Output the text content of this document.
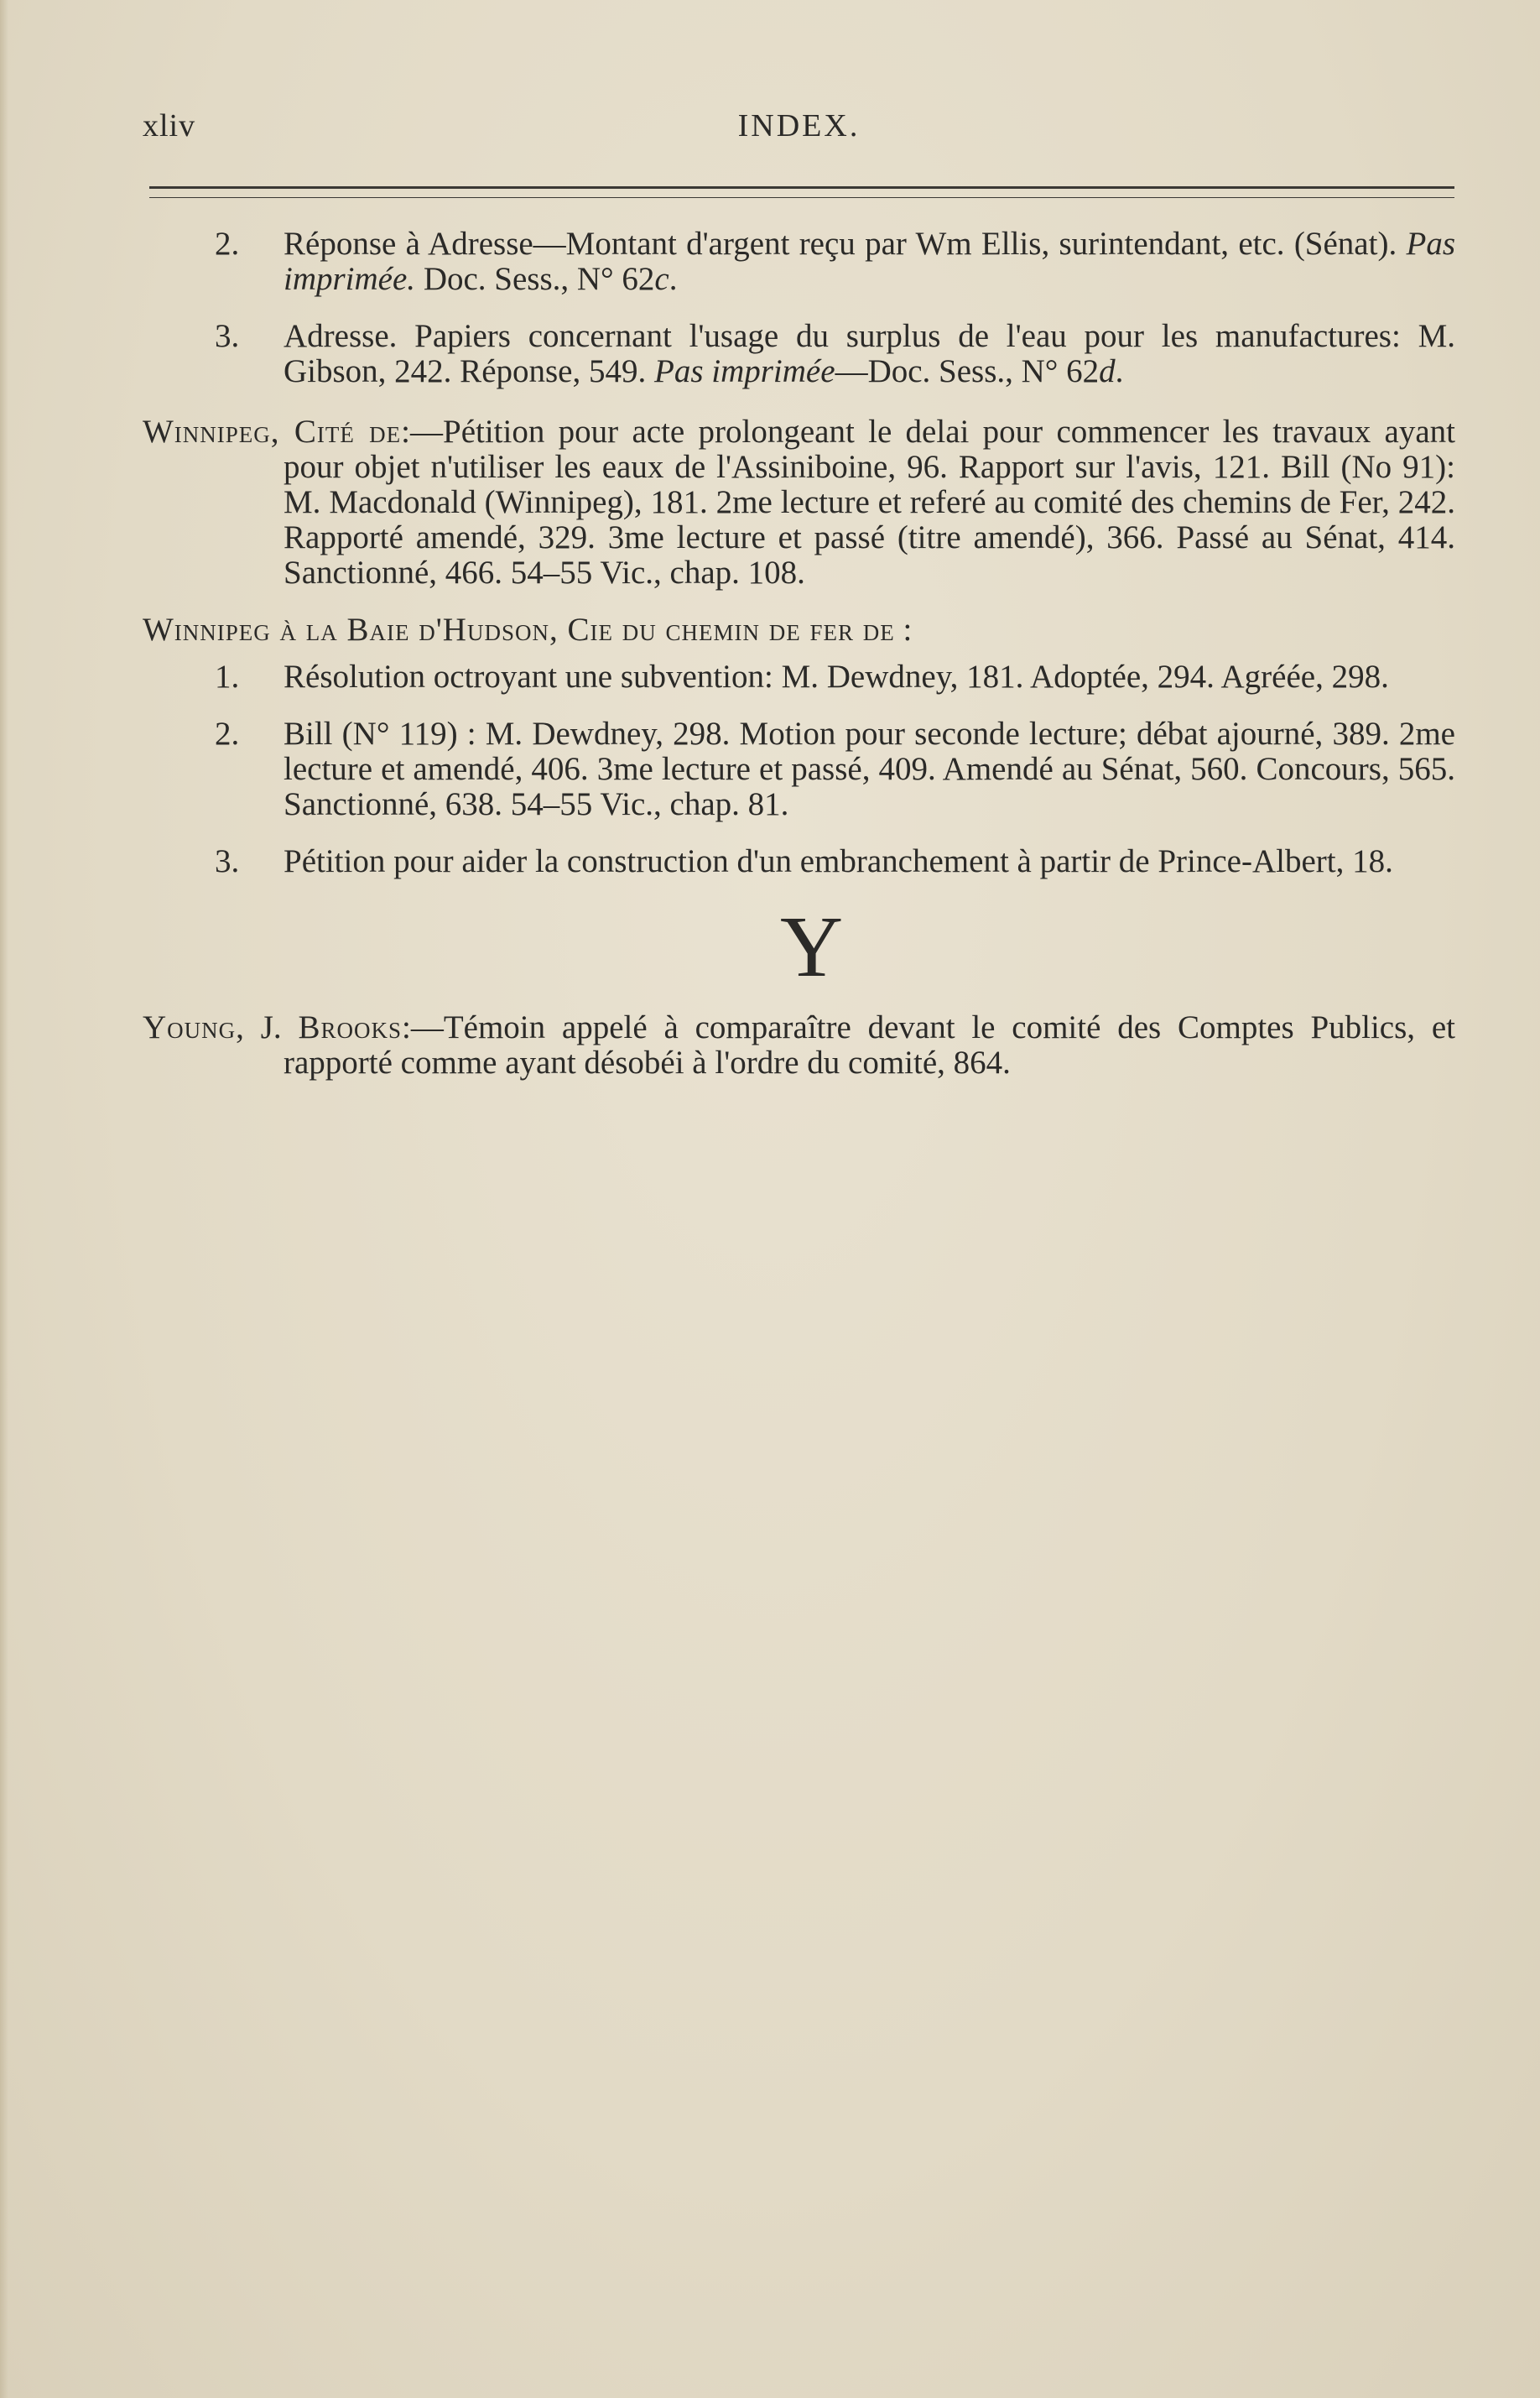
xliv	INDEX.
2. Réponse à Adresse—Montant d'argent reçu par Wm Ellis, surintendant, etc. (Sénat). Pas imprimée. Doc. Sess., N° 62c.
3. Adresse. Papiers concernant l'usage du surplus de l'eau pour les manufactures: M. Gibson, 242. Réponse, 549. Pas imprimée—Doc. Sess., N° 62d.
Winnipeg, Cité de:—Pétition pour acte prolongeant le delai pour commencer les travaux ayant pour objet n'utiliser les eaux de l'Assiniboine, 96. Rapport sur l'avis, 121. Bill (No 91): M. Macdonald (Winnipeg), 181. 2me lecture et referé au comité des chemins de Fer, 242. Rapporté amendé, 329. 3me lecture et passé (titre amendé), 366. Passé au Sénat, 414. Sanctionné, 466. 54–55 Vic., chap. 108.
Winnipeg à la Baie d'Hudson, Cie du chemin de fer de :
1. Résolution octroyant une subvention: M. Dewdney, 181. Adoptée, 294. Agréée, 298.
2. Bill (N° 119) : M. Dewdney, 298. Motion pour seconde lecture; débat ajourné, 389. 2me lecture et amendé, 406. 3me lecture et passé, 409. Amendé au Sénat, 560. Concours, 565. Sanctionné, 638. 54–55 Vic., chap. 81.
3. Pétition pour aider la construction d'un embranchement à partir de Prince-Albert, 18.
Y
Young, J. Brooks:—Témoin appelé à comparaître devant le comité des Comptes Publics, et rapporté comme ayant désobéi à l'ordre du comité, 864.
